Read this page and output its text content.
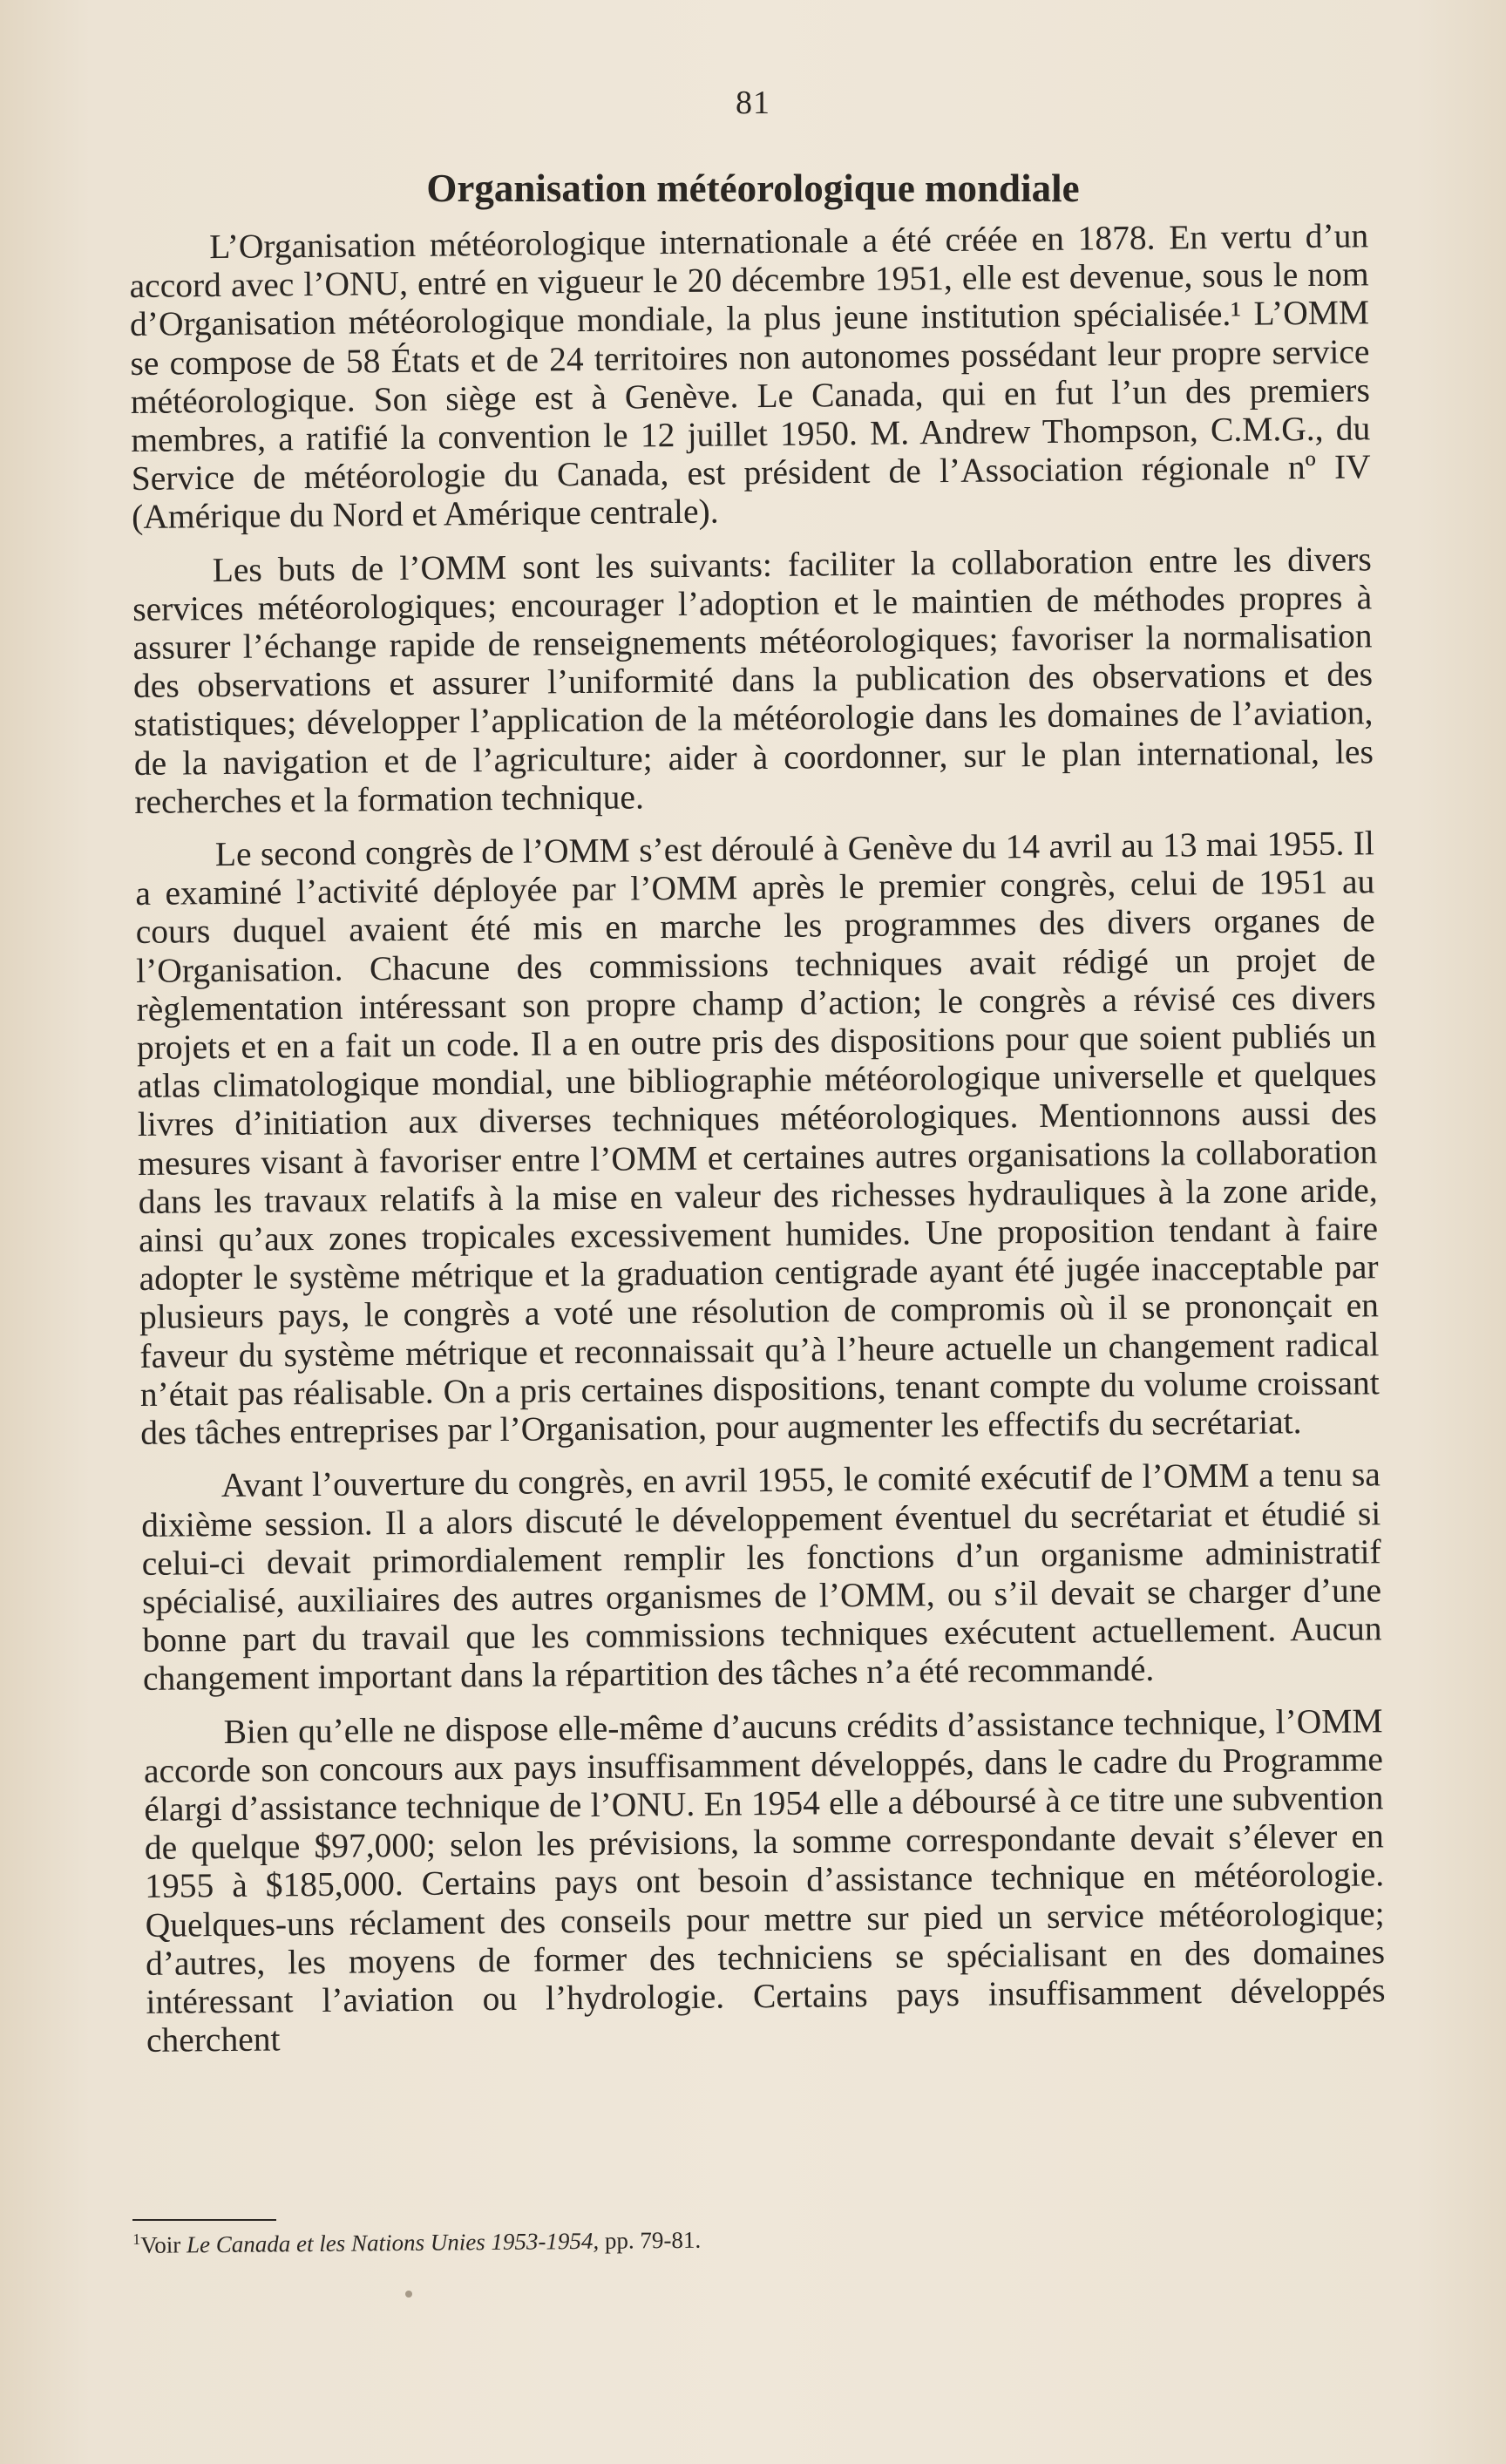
81
Organisation météorologique mondiale

L’Organisation météorologique internationale a été créée en 1878. En vertu d’un accord avec l’ONU, entré en vigueur le 20 décembre 1951, elle est devenue, sous le nom d’Organisation météorologique mondiale, la plus jeune institution spécialisée.¹ L’OMM se compose de 58 États et de 24 territoires non autonomes possédant leur propre service météorologique. Son siège est à Genève. Le Canada, qui en fut l’un des premiers membres, a ratifié la convention le 12 juillet 1950. M. Andrew Thompson, C.M.G., du Service de météorologie du Canada, est président de l’Association régionale nº IV (Amérique du Nord et Amérique centrale).

Les buts de l’OMM sont les suivants: faciliter la collaboration entre les divers services météorologiques; encourager l’adoption et le maintien de méthodes propres à assurer l’échange rapide de renseignements météorologiques; favoriser la normalisation des observations et assurer l’uniformité dans la publication des observations et des statistiques; développer l’application de la météorologie dans les domaines de l’aviation, de la navigation et de l’agriculture; aider à coordonner, sur le plan international, les recherches et la formation technique.

Le second congrès de l’OMM s’est déroulé à Genève du 14 avril au 13 mai 1955. Il a examiné l’activité déployée par l’OMM après le premier congrès, celui de 1951 au cours duquel avaient été mis en marche les programmes des divers organes de l’Organisation. Chacune des commissions techniques avait rédigé un projet de règlementation intéressant son propre champ d’action; le congrès a révisé ces divers projets et en a fait un code. Il a en outre pris des dispositions pour que soient publiés un atlas climatologique mondial, une bibliographie météorologique universelle et quelques livres d’initiation aux diverses techniques météorologiques. Mentionnons aussi des mesures visant à favoriser entre l’OMM et certaines autres organisations la collaboration dans les travaux relatifs à la mise en valeur des richesses hydrauliques à la zone aride, ainsi qu’aux zones tropicales excessivement humides. Une proposition tendant à faire adopter le système métrique et la graduation centigrade ayant été jugée inacceptable par plusieurs pays, le congrès a voté une résolution de compromis où il se prononçait en faveur du système métrique et reconnaissait qu’à l’heure actuelle un changement radical n’était pas réalisable. On a pris certaines dispositions, tenant compte du volume croissant des tâches entreprises par l’Organisation, pour augmenter les effectifs du secrétariat.

Avant l’ouverture du congrès, en avril 1955, le comité exécutif de l’OMM a tenu sa dixième session. Il a alors discuté le développement éventuel du secrétariat et étudié si celui-ci devait primordialement remplir les fonctions d’un organisme administratif spécialisé, auxiliaires des autres organismes de l’OMM, ou s’il devait se charger d’une bonne part du travail que les commissions techniques exécutent actuellement. Aucun changement important dans la répartition des tâches n’a été recommandé.

Bien qu’elle ne dispose elle-même d’aucuns crédits d’assistance technique, l’OMM accorde son concours aux pays insuffisamment développés, dans le cadre du Programme élargi d’assistance technique de l’ONU. En 1954 elle a déboursé à ce titre une subvention de quelque $97,000; selon les prévisions, la somme correspondante devait s’élever en 1955 à $185,000. Certains pays ont besoin d’assistance technique en météorologie. Quelques-uns réclament des conseils pour mettre sur pied un service météorologique; d’autres, les moyens de former des techniciens se spécialisant en des domaines intéressant l’aviation ou l’hydrologie. Certains pays insuffisamment développés cherchent

$^1$Voir Le Canada et les Nations Unies 1953-1954, pp. 79-81.
